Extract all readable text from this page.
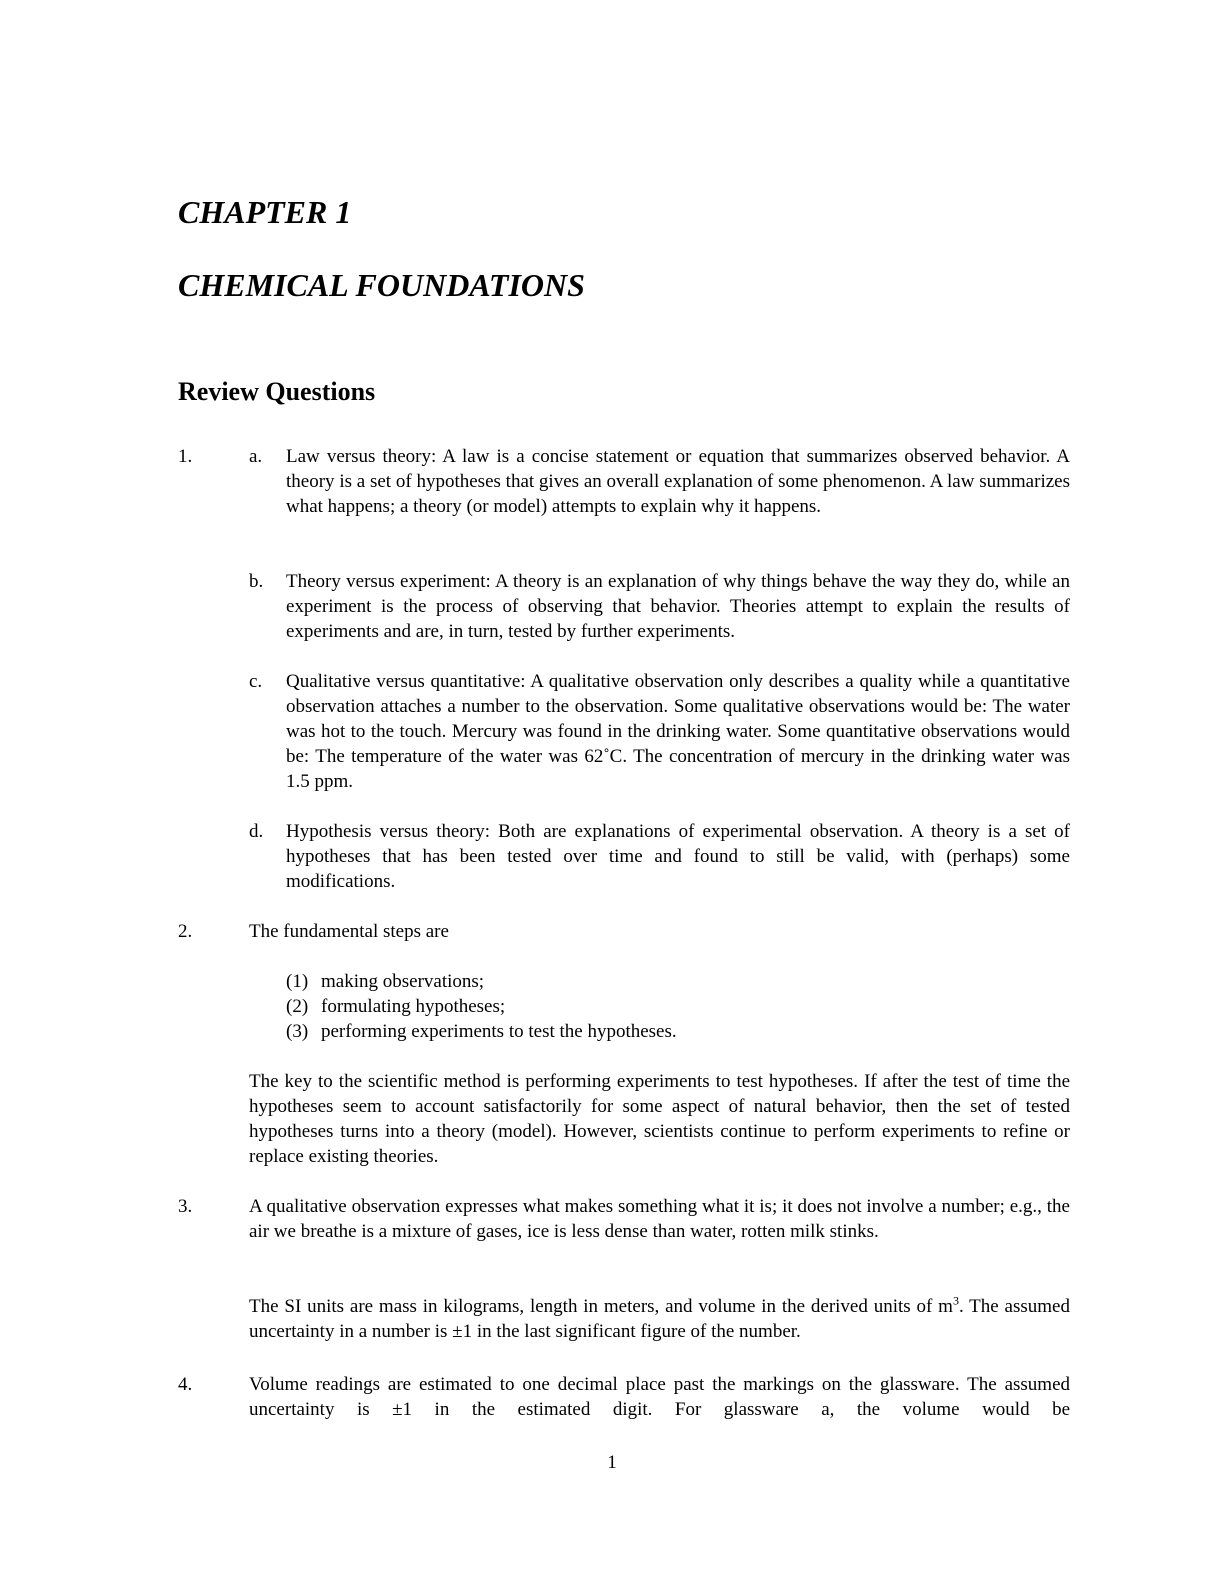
CHAPTER 1
CHEMICAL FOUNDATIONS
Review Questions
1.	a. Law versus theory: A law is a concise statement or equation that summarizes observed behavior. A theory is a set of hypotheses that gives an overall explanation of some phenomenon. A law summarizes what happens; a theory (or model) attempts to explain why it happens.

b. Theory versus experiment: A theory is an explanation of why things behave the way they do, while an experiment is the process of observing that behavior. Theories attempt to explain the results of experiments and are, in turn, tested by further experiments.

c. Qualitative versus quantitative: A qualitative observation only describes a quality while a quantitative observation attaches a number to the observation. Some qualitative observations would be: The water was hot to the touch. Mercury was found in the drinking water. Some quantitative observations would be: The temperature of the water was 62˚C. The concentration of mercury in the drinking water was 1.5 ppm.

d. Hypothesis versus theory: Both are explanations of experimental observation. A theory is a set of hypotheses that has been tested over time and found to still be valid, with (perhaps) some modifications.

2.	The fundamental steps are

(1) making observations;
(2) formulating hypotheses;
(3) performing experiments to test the hypotheses.

The key to the scientific method is performing experiments to test hypotheses. If after the test of time the hypotheses seem to account satisfactorily for some aspect of natural behavior, then the set of tested hypotheses turns into a theory (model). However, scientists continue to perform experiments to refine or replace existing theories.

3.	A qualitative observation expresses what makes something what it is; it does not involve a number; e.g., the air we breathe is a mixture of gases, ice is less dense than water, rotten milk stinks.

The SI units are mass in kilograms, length in meters, and volume in the derived units of $m^3$. The assumed uncertainty in a number is ±1 in the last significant figure of the number.

4.	Volume readings are estimated to one decimal place past the markings on the glassware. The assumed uncertainty is ±1 in the estimated digit. For glassware a, the volume would be

1
